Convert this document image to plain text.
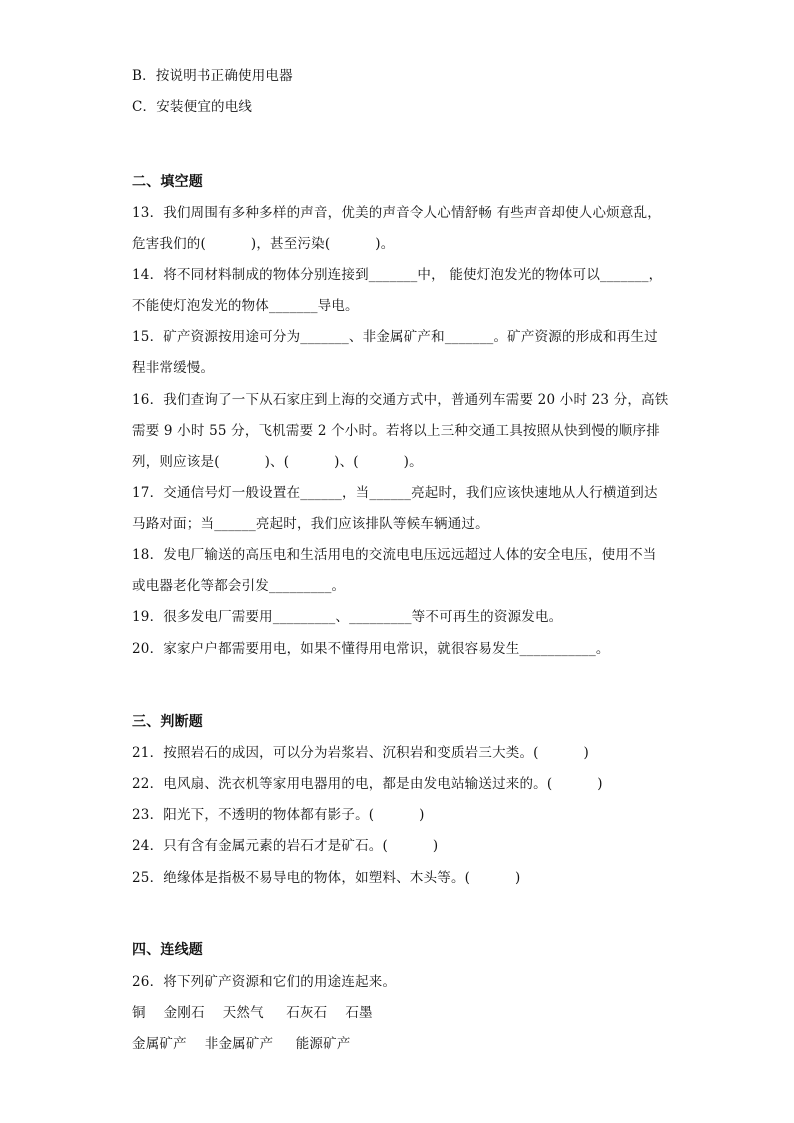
B．按说明书正确使用电器
C．安装便宜的电线
二、填空题
13．我们周围有多种多样的声音，优美的声音令人心情舒畅 有些声音却使人心烦意乱，
危害我们的(          )，甚至污染(          )。
14．将不同材料制成的物体分别连接到_______中， 能使灯泡发光的物体可以_______，
不能使灯泡发光的物体_______导电。
15．矿产资源按用途可分为_______、非金属矿产和_______。矿产资源的形成和再生过
程非常缓慢。
16．我们查询了一下从石家庄到上海的交通方式中，普通列车需要 20 小时 23 分，高铁
需要 9 小时 55 分，飞机需要 2 个小时。若将以上三种交通工具按照从快到慢的顺序排
列，则应该是(          )、(          )、(          )。
17．交通信号灯一般设置在______，当______亮起时，我们应该快速地从人行横道到达
马路对面；当______亮起时，我们应该排队等候车辆通过。
18．发电厂输送的高压电和生活用电的交流电电压远远超过人体的安全电压，使用不当
或电器老化等都会引发_________。
19．很多发电厂需要用_________、_________等不可再生的资源发电。
20．家家户户都需要用电，如果不懂得用电常识，就很容易发生___________。
三、判断题
21．按照岩石的成因，可以分为岩浆岩、沉积岩和变质岩三大类。(          )
22．电风扇、洗衣机等家用电器用的电，都是由发电站输送过来的。(          )
23．阳光下，不透明的物体都有影子。(          )
24．只有含有金属元素的岩石才是矿石。(          )
25．绝缘体是指极不易导电的物体，如塑料、木头等。(          )
四、连线题
26．将下列矿产资源和它们的用途连起来。
铜    金刚石    天然气     石灰石    石墨
金属矿产    非金属矿产     能源矿产
